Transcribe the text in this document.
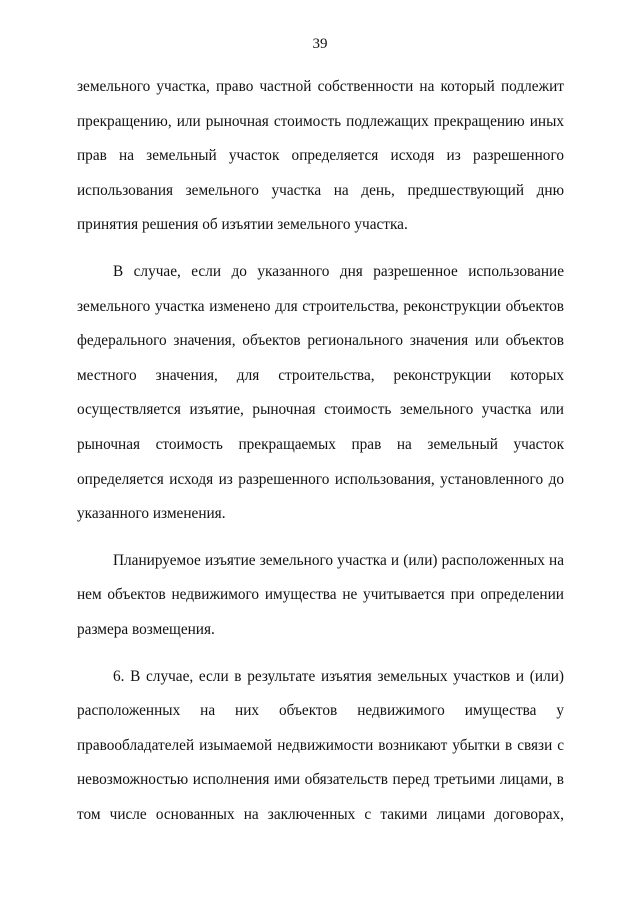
39
земельного участка, право частной собственности на который подлежит
прекращению, или рыночная стоимость подлежащих прекращению иных
прав на земельный участок определяется исходя из разрешенного
использования земельного участка на день, предшествующий дню
принятия решения об изъятии земельного участка.
В случае, если до указанного дня разрешенное использование
земельного участка изменено для строительства, реконструкции объектов
федерального значения, объектов регионального значения или объектов
местного значения, для строительства, реконструкции которых
осуществляется изъятие, рыночная стоимость земельного участка или
рыночная стоимость прекращаемых прав на земельный участок
определяется исходя из разрешенного использования, установленного до
указанного изменения.
Планируемое изъятие земельного участка и (или) расположенных на
нем объектов недвижимого имущества не учитывается при определении
размера возмещения.
6. В случае, если в результате изъятия земельных участков и (или)
расположенных на них объектов недвижимого имущества у
правообладателей изымаемой недвижимости возникают убытки в связи с
невозможностью исполнения ими обязательств перед третьими лицами, в
том числе основанных на заключенных с такими лицами договорах,
